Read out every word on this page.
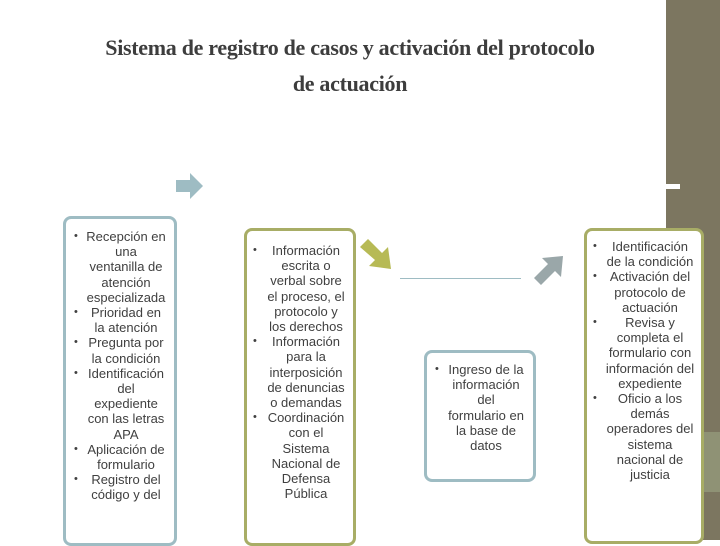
Sistema de registro de casos y activación del protocolo
de actuación
4° Juzgado
o Sala
• Recepción en una ventanilla de atención especializada
• Prioridad en la atención
• Pregunta por la condición
• Identificación del expediente con las letras APA
• Aplicación de formulario
• Registro del código y del
• Información escrita o verbal sobre el proceso, el protocolo y los derechos
• Información para la interposición de denuncias o demandas
• Coordinación con el Sistema Nacional de Defensa Pública
• Ingreso de la información del formulario en la base de datos
• Identificación de la condición
• Activación del protocolo de actuación
• Revisa y completa el formulario con información del expediente
• Oficio a los demás operadores del sistema nacional de justicia
